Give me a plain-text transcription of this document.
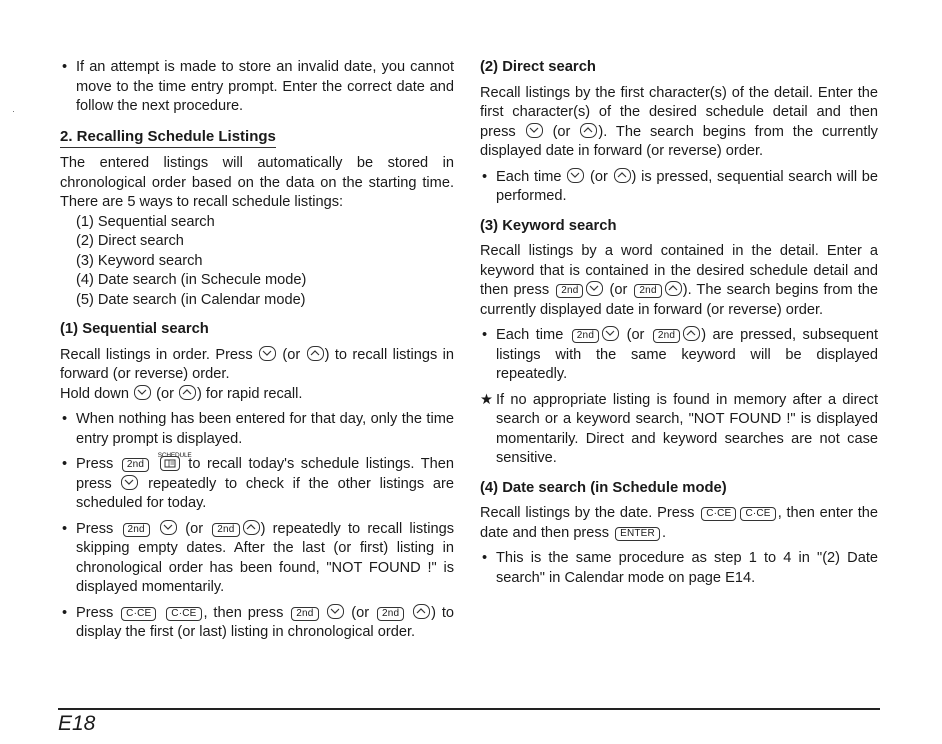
• If an attempt is made to store an invalid date, you cannot move to the time entry prompt. Enter the correct date and follow the next procedure.
2. Recalling Schedule Listings

The entered listings will automatically be stored in chronological order based on the data on the starting time. There are 5 ways to recall schedule listings:

(1) Sequential search
(2) Direct search
(3) Keyword search
(4) Date search (in Schecule mode)
(5) Date search (in Calendar mode)
(1) Sequential search

Recall listings in order. Press (or ) to recall listings in forward (or reverse) order.

Hold down (or ) for rapid recall.

• When nothing has been entered for that day, only the time entry prompt is displayed.
• Press 2nd
SCHEDULE
to recall today's schedule listings. Then press repeatedly to check if the other listings are scheduled for today.
• Press 2nd	(or 2nd ) repeatedly to recall listings skipping empty dates. After the last (or first) listing in chronological order has been found, "NOT FOUND !" is displayed momentarily.
• Press C·CE C·CE , then press 2nd	(or 2nd ) to display the first (or last) listing in chronological order.
(2) Direct search

Recall listings by the first character(s) of the detail. Enter the first character(s) of the desired schedule detail and then press	(or ). The search begins from the currently displayed date in forward (or reverse) order.

• Each time (or ) is pressed, sequential search will be performed.
(3) Keyword search

Recall listings by a word contained in the detail. Enter a keyword that is contained in the desired schedule detail and then press 2nd (or 2nd ). The search begins from the currently displayed date in forward (or reverse) order.

• Each time 2nd (or 2nd ) are pressed, subsequent listings with the same keyword will be displayed repeatedly.
★ If no appropriate listing is found in memory after a direct search or a keyword search, "NOT FOUND !" is displayed momentarily. Direct and keyword searches are not case sensitive.
(4) Date search (in Schedule mode)

Recall listings by the date. Press C·CE C·CE , then enter the date and then press ENTER .

• This is the same procedure as step 1 to 4 in "(2) Date search" in Calendar mode on page E14.
E18
